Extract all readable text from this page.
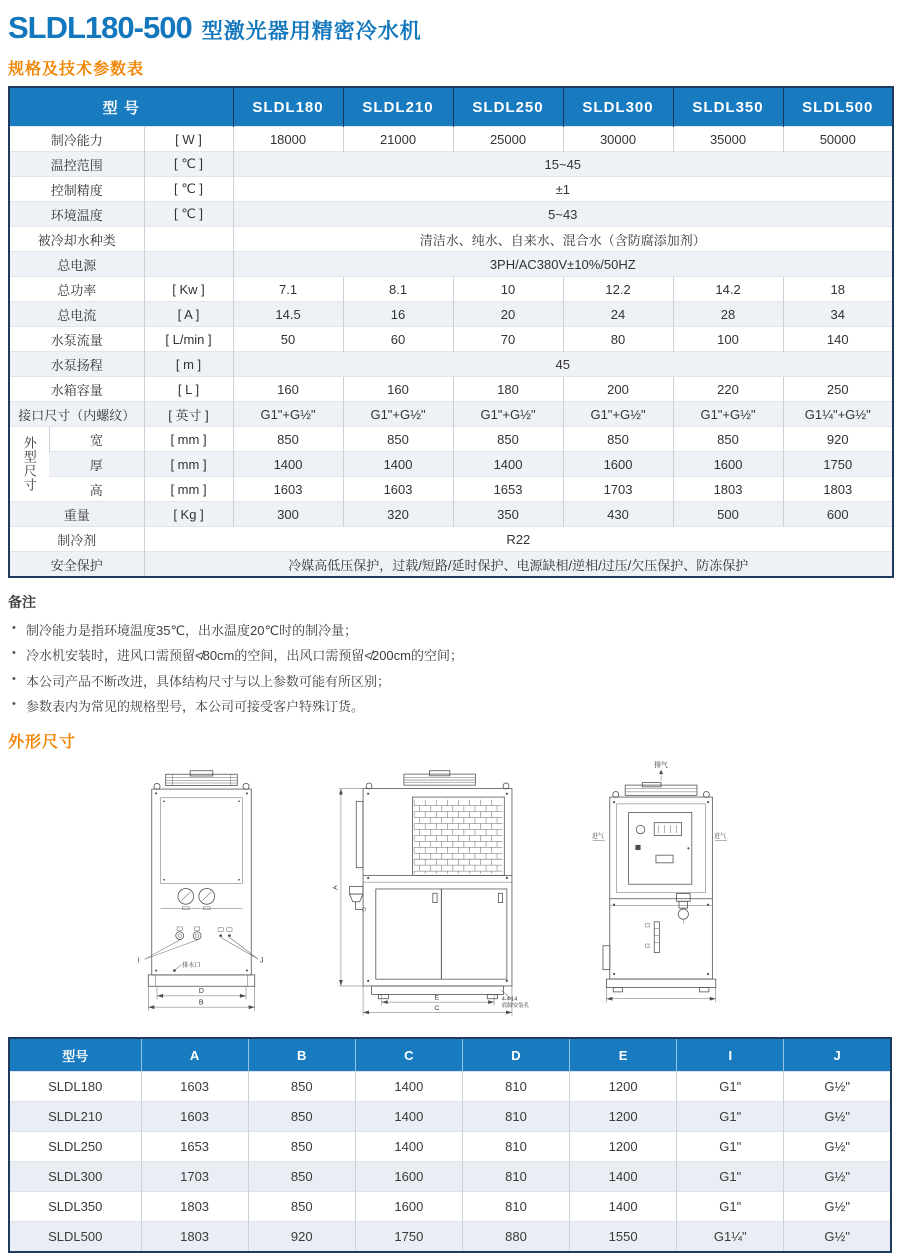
SLDL180-500 型激光器用精密冷水机
规格及技术参数表
型 号			SLDL180	SLDL210	SLDL250	SLDL300	SLDL350	SLDL500
制冷能力		[ W ]	18000	21000	25000	30000	35000	50000
温控范围		[ ℃ ]	15~45					
控制精度		[ ℃ ]	±1					
环境温度		[ ℃ ]	5~43					
被冷却水种类			清洁水、纯水、自来水、混合水（含防腐添加剂）					
总电源			3PH/AC380V±10%/50HZ					
总功率		[ Kw ]	7.1	8.1	10	12.2	14.2	18
总电流		[ A ]	14.5	16	20	24	28	34
水泵流量		[ L/min ]	50	60	70	80	100	140
水泵扬程		[ m ]	45					
水箱容量		[ L ]	160	160	180	200	220	250
接口尺寸（内螺纹）		[ 英寸 ]	G1"+G½"	G1"+G½"	G1"+G½"	G1"+G½"	G1"+G½"	G1¼"+G½"
外型尺寸	宽	[ mm ]	850	850	850	850	850	920
	厚	[ mm ]	1400	1400	1400	1600	1600	1750
	高	[ mm ]	1603	1603	1653	1703	1803	1803
重量		[ Kg ]	300	320	350	430	500	600
制冷剂		R22						
安全保护		冷媒高低压保护，过载/短路/延时保护、电源缺相/逆相/过压/欠压保护、防冻保护						
备注
• 制冷能力是指环境温度35℃，出水温度20℃时的制冷量；
• 冷水机安装时，进风口需预留≮80cm的空间，出风口需预留≮200cm的空间；
• 本公司产品不断改进，具体结构尺寸与以上参数可能有所区别；
• 参数表内为常见的规格型号，本公司可接受客户特殊订货。
外形尺寸
I	J
排水口
D
B
A
E
C
4-Φ14
底脚安装孔
排气
进气	进气
型号	A	B	C	D	E	I	J
SLDL180	1603	850	1400	810	1200	G1"	G½"
SLDL210	1603	850	1400	810	1200	G1"	G½"
SLDL250	1653	850	1400	810	1200	G1"	G½"
SLDL300	1703	850	1600	810	1400	G1"	G½"
SLDL350	1803	850	1600	810	1400	G1"	G½"
SLDL500	1803	920	1750	880	1550	G1¼"	G½"
